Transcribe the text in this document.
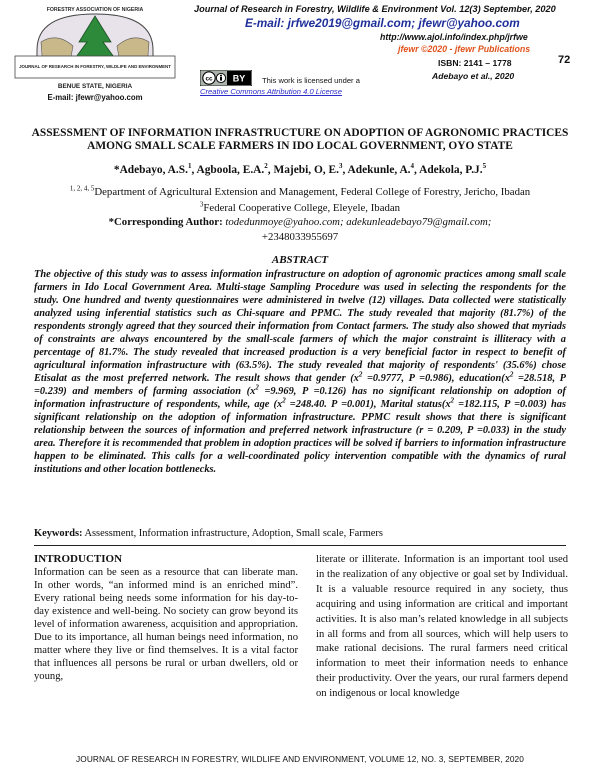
FORESTRY ASSOCIATION OF NIGERIA
JOURNAL OF RESEARCH IN FORESTRY, WILDLIFE AND ENVIRONMENT
BENUE STATE, NIGERIA
E-mail: jfewr@yahoo.com
Journal of Research in Forestry, Wildlife & Environment Vol. 12(3) September, 2020
E-mail: jrfwe2019@gmail.com; jfewr@yahoo.com
72
http://www.ajol.info/index.php/jrfwe
jfewr ©2020 - jfewr Publications
ISBN: 2141 – 1778
Adebayo et al., 2020
cc BY This work is licensed under a
Creative Commons Attribution 4.0 License
ASSESSMENT OF INFORMATION INFRASTRUCTURE ON ADOPTION OF AGRONOMIC PRACTICES AMONG SMALL SCALE FARMERS IN IDO LOCAL GOVERNMENT, OYO STATE
*Adebayo, A.S.$^1$, Agboola, E.A.$^2$, Majebi, O, E.$^3$, Adekunle, A.$^4$, Adekola, P.J.$^5$
$^{1, 2, 4, 5}$Department of Agricultural Extension and Management, Federal College of Forestry, Jericho, Ibadan
$^3$Federal Cooperative College, Eleyele, Ibadan
*Corresponding Author: todedunmoye@yahoo.com; adekunleadebayo79@gmail.com;
+2348033955697
ABSTRACT
The objective of this study was to assess information infrastructure on adoption of agronomic practices among small scale farmers in Ido Local Government Area. Multi-stage Sampling Procedure was used in selecting the respondents for the study. One hundred and twenty questionnaires were administered in twelve (12) villages. Data collected were statistically analyzed using inferential statistics such as Chi-square and PPMC. The study revealed that majority (81.7%) of the respondents strongly agreed that they sourced their information from Contact farmers. The study also showed that myriads of constraints are always encountered by the small-scale farmers of which the major constraint is illiteracy with a percentage of 81.7%. The study revealed that increased production is a very beneficial factor in respect to benefit of agricultural information infrastructure with (63.5%). The study revealed that majority of respondents' (35.6%) chose Etisalat as the most preferred network. The result shows that gender ($x^2 =0.9777$, P =0.986), $education(x^2 =28.518$, P =0.239) and members of farming association ($x^2 =9.969$, P =0.126) has no significant relationship on adoption of information infrastructure of respondents, while, age ($x^2 =248.40$. P =0.001), Marital $status(x^2 =182.115$, P =0.003) has significant relationship on the adoption of information infrastructure. PPMC result shows that there is significant relationship between the sources of information and preferred network infrastructure (r = 0.209, P =0.033) in the study area. Therefore it is recommended that problem in adoption practices will be solved if barriers to information infrastructure happen to be eliminated. This calls for a well-coordinated policy intervention compatible with the dynamics of rural institutions and other location bottlenecks.
Keywords: Assessment, Information infrastructure, Adoption, Small scale, Farmers
INTRODUCTION
Information can be seen as a resource that can liberate man. In other words, “an informed mind is an enriched mind”. Every rational being needs some information for his day-to-day existence and well-being. No society can grow beyond its level of information awareness, acquisition and appropriation. Due to its importance, all human beings need information, no matter where they live or find themselves. It is a vital factor that influences all persons be rural or urban dwellers, old or young,
literate or illiterate. Information is an important tool used in the realization of any objective or goal set by Individual. It is a valuable resource required in any society, thus acquiring and using information are critical and important activities. It is also man’s related knowledge in all subjects in all forms and from all sources, which will help users to make rational decisions. The rural farmers need critical information to meet their information needs to enhance their productivity. Over the years, our rural farmers depend on indigenous or local knowledge
JOURNAL OF RESEARCH IN FORESTRY, WILDLIFE AND ENVIRONMENT, VOLUME 12, NO. 3, SEPTEMBER, 2020
